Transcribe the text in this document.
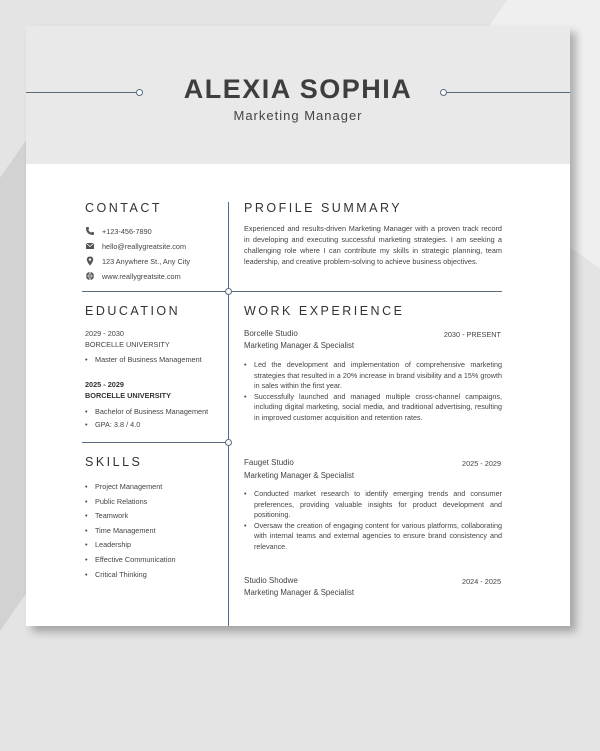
ALEXIA SOPHIA
Marketing Manager
CONTACT
+123-456-7890
hello@reallygreatsite.com
123 Anywhere St., Any City
www.reallygreatsite.com
PROFILE SUMMARY
Experienced and results-driven Marketing Manager with a proven track record in developing and executing successful marketing strategies. I am seeking a challenging role where I can contribute my skills in strategic planning, team leadership, and creative problem-solving to achieve business objectives.
EDUCATION
2029 - 2030
BORCELLE UNIVERSITY
• Master of Business Management
2025 - 2029
BORCELLE UNIVERSITY
• Bachelor of Business Management
• GPA: 3.8 / 4.0
SKILLS
• Project Management
• Public Relations
• Teamwork
• Time Management
• Leadership
• Effective Communication
• Critical Thinking
WORK EXPERIENCE
Borcelle Studio	2030 - PRESENT
Marketing Manager & Specialist
• Led the development and implementation of comprehensive marketing strategies that resulted in a 20% increase in brand visibility and a 15% growth in sales within the first year.
• Successfully launched and managed multiple cross-channel campaigns, including digital marketing, social media, and traditional advertising, resulting in improved customer acquisition and retention rates.
Fauget Studio	2025 - 2029
Marketing Manager & Specialist
• Conducted market research to identify emerging trends and consumer preferences, providing valuable insights for product development and positioning.
• Oversaw the creation of engaging content for various platforms, collaborating with internal teams and external agencies to ensure brand consistency and relevance.
Studio Shodwe	2024 - 2025
Marketing Manager & Specialist
